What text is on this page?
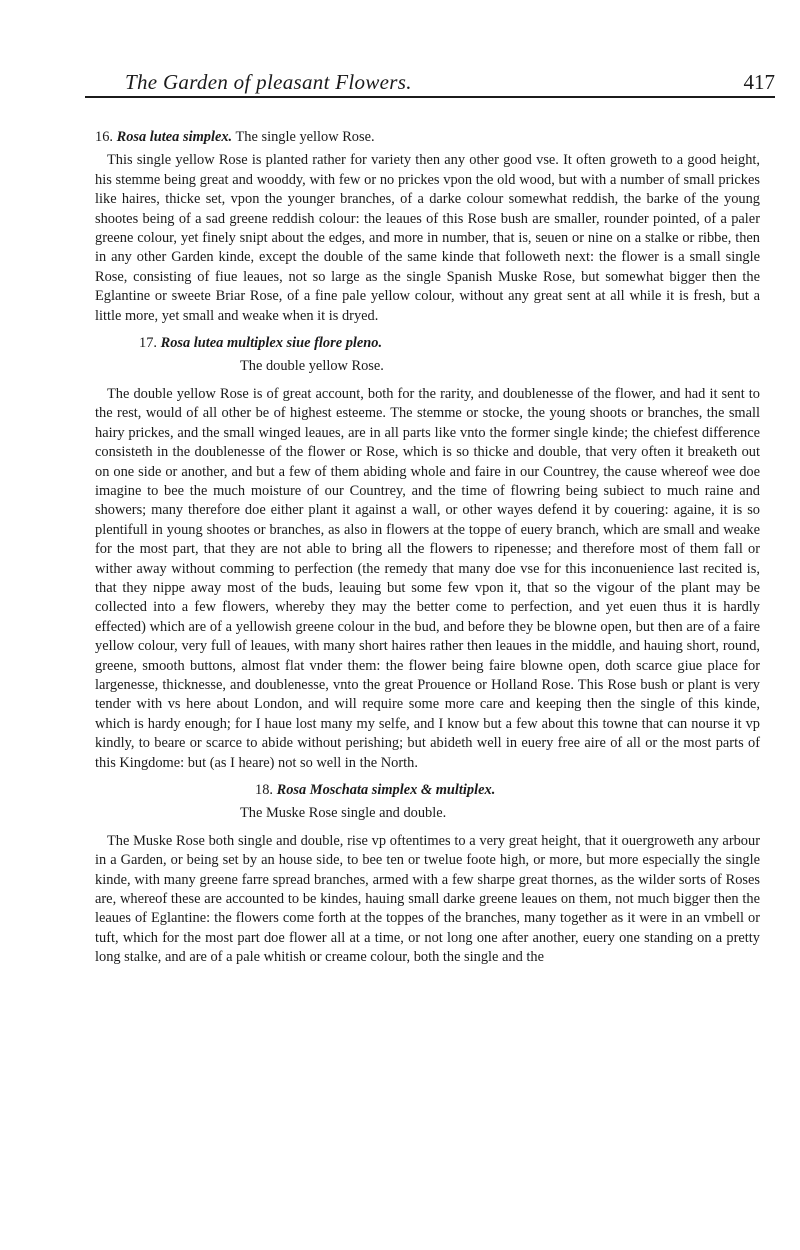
The Garden of pleasant Flowers.	417
16. Rosa lutea simplex. The single yellow Rose.

This single yellow Rose is planted rather for variety then any other good vse. It often groweth to a good height, his stemme being great and wooddy, with few or no prickes vpon the old wood, but with a number of small prickes like haires, thicke set, vpon the younger branches, of a darke colour somewhat reddish, the barke of the young shootes being of a sad greene reddish colour: the leaues of this Rose bush are smaller, rounder pointed, of a paler greene colour, yet finely snipt about the edges, and more in number, that is, seuen or nine on a stalke or ribbe, then in any other Garden kinde, except the double of the same kinde that followeth next: the flower is a small single Rose, consisting of fiue leaues, not so large as the single Spanish Muske Rose, but somewhat bigger then the Eglantine or sweete Briar Rose, of a fine pale yellow colour, without any great sent at all while it is fresh, but a little more, yet small and weake when it is dryed.

17. Rosa lutea multiplex siue flore pleno.
The double yellow Rose.

The double yellow Rose is of great account, both for the rarity, and doublenesse of the flower, and had it sent to the rest, would of all other be of highest esteeme. The stemme or stocke, the young shoots or branches, the small hairy prickes, and the small winged leaues, are in all parts like vnto the former single kinde; the chiefest difference consisteth in the doublenesse of the flower or Rose, which is so thicke and double, that very often it breaketh out on one side or another, and but a few of them abiding whole and faire in our Countrey, the cause whereof wee doe imagine to bee the much moisture of our Countrey, and the time of flowring being subiect to much raine and showers; many therefore doe either plant it against a wall, or other wayes defend it by couering: againe, it is so plentifull in young shootes or branches, as also in flowers at the toppe of euery branch, which are small and weake for the most part, that they are not able to bring all the flowers to ripenesse; and therefore most of them fall or wither away without comming to perfection (the remedy that many doe vse for this inconuenience last recited is, that they nippe away most of the buds, leauing but some few vpon it, that so the vigour of the plant may be collected into a few flowers, whereby they may the better come to perfection, and yet euen thus it is hardly effected) which are of a yellowish greene colour in the bud, and before they be blowne open, but then are of a faire yellow colour, very full of leaues, with many short haires rather then leaues in the middle, and hauing short, round, greene, smooth buttons, almost flat vnder them: the flower being faire blowne open, doth scarce giue place for largenesse, thicknesse, and doublenesse, vnto the great Prouence or Holland Rose. This Rose bush or plant is very tender with vs here about London, and will require some more care and keeping then the single of this kinde, which is hardy enough; for I haue lost many my selfe, and I know but a few about this towne that can nourse it vp kindly, to beare or scarce to abide without perishing; but abideth well in euery free aire of all or the most parts of this Kingdome: but (as I heare) not so well in the North.

18. Rosa Moschata simplex & multiplex.
The Muske Rose single and double.

The Muske Rose both single and double, rise vp oftentimes to a very great height, that it ouergroweth any arbour in a Garden, or being set by an house side, to bee ten or twelue foote high, or more, but more especially the single kinde, with many greene farre spread branches, armed with a few sharpe great thornes, as the wilder sorts of Roses are, whereof these are accounted to be kindes, hauing small darke greene leaues on them, not much bigger then the leaues of Eglantine: the flowers come forth at the toppes of the branches, many together as it were in an vmbell or tuft, which for the most part doe flower all at a time, or not long one after another, euery one standing on a pretty long stalke, and are of a pale whitish or creame colour, both the single and the
